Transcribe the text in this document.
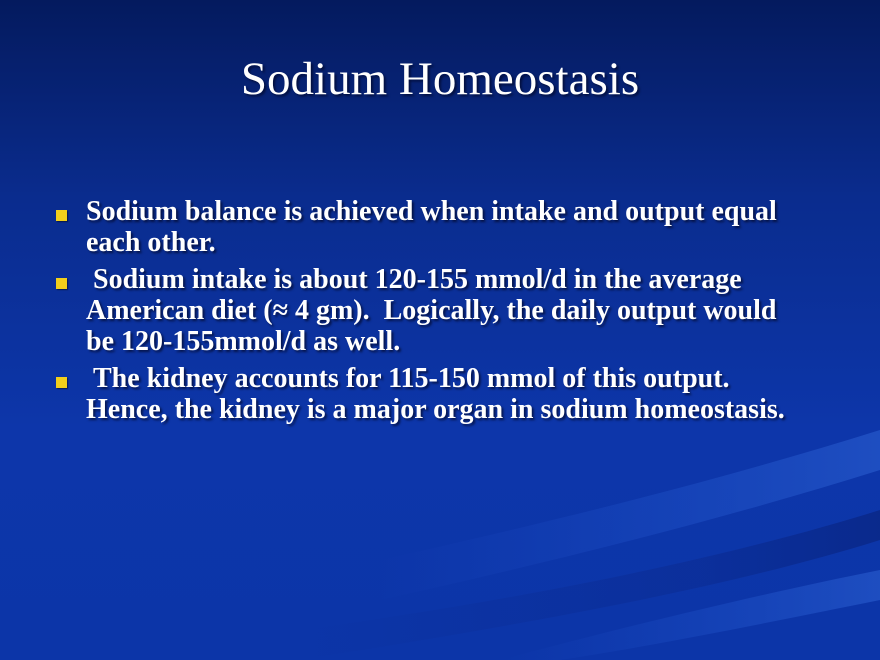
Sodium Homeostasis
Sodium balance is achieved when intake and output equal each other.
Sodium intake is about 120-155 mmol/d in the average American diet (≈ 4 gm).  Logically, the daily output would be 120-155mmol/d as well.
The kidney accounts for 115-150 mmol of this output.  Hence, the kidney is a major organ in sodium homeostasis.
